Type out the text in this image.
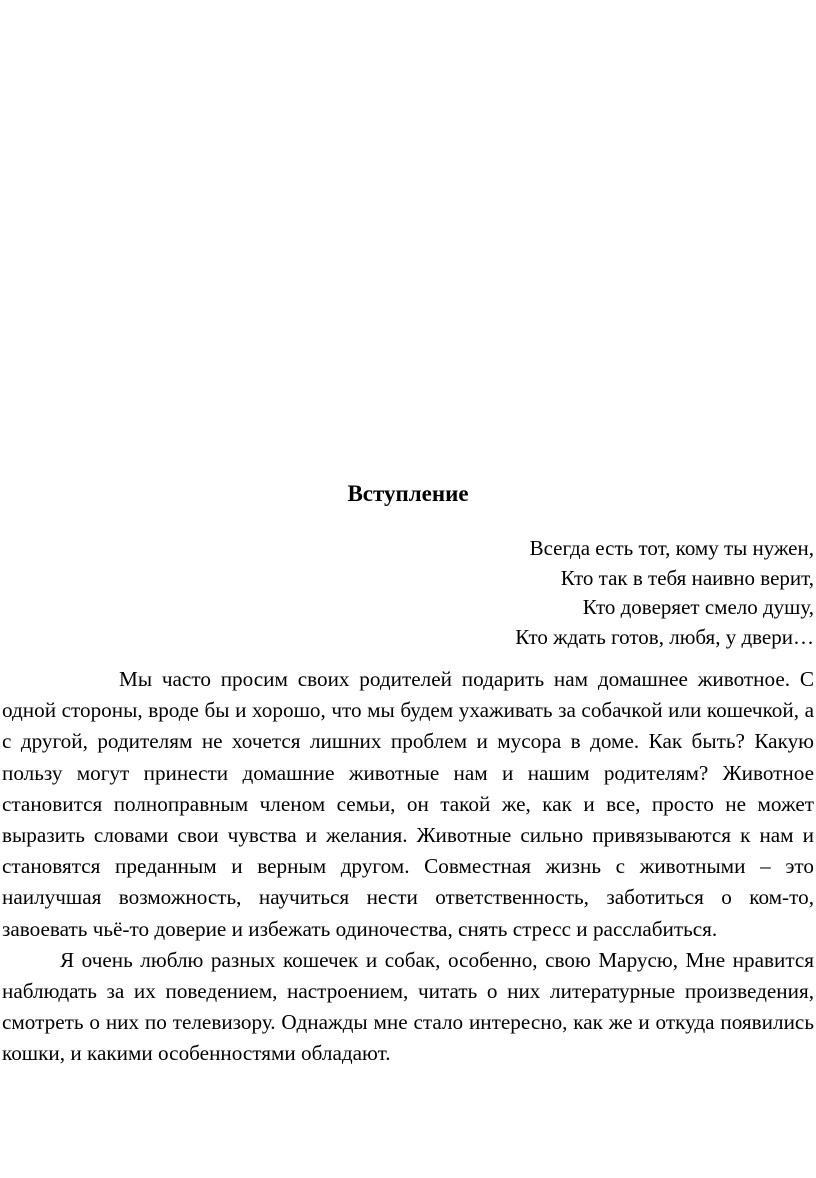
Вступление
Всегда есть тот, кому ты нужен,
Кто так в тебя наивно верит,
Кто доверяет смело душу,
Кто ждать готов, любя, у двери…

Мы часто просим своих родителей подарить нам домашнее животное. С одной стороны, вроде бы и хорошо, что мы будем ухаживать за собачкой или кошечкой, а с другой, родителям не хочется лишних проблем и мусора в доме. Как быть? Какую пользу могут принести домашние животные нам и нашим родителям? Животное становится полноправным членом семьи, он такой же, как и все, просто не может выразить словами свои чувства и желания. Животные сильно привязываются к нам и становятся преданным и верным другом. Совместная жизнь с животными – это наилучшая возможность, научиться нести ответственность, заботиться о ком-то, завоевать чьё-то доверие и избежать одиночества, снять стресс и расслабиться.

Я очень люблю разных кошечек и собак, особенно, свою Марусю, Мне нравится наблюдать за их поведением, настроением, читать о них литературные произведения, смотреть о них по телевизору. Однажды мне стало интересно, как же и откуда появились кошки, и какими особенностями обладают.
